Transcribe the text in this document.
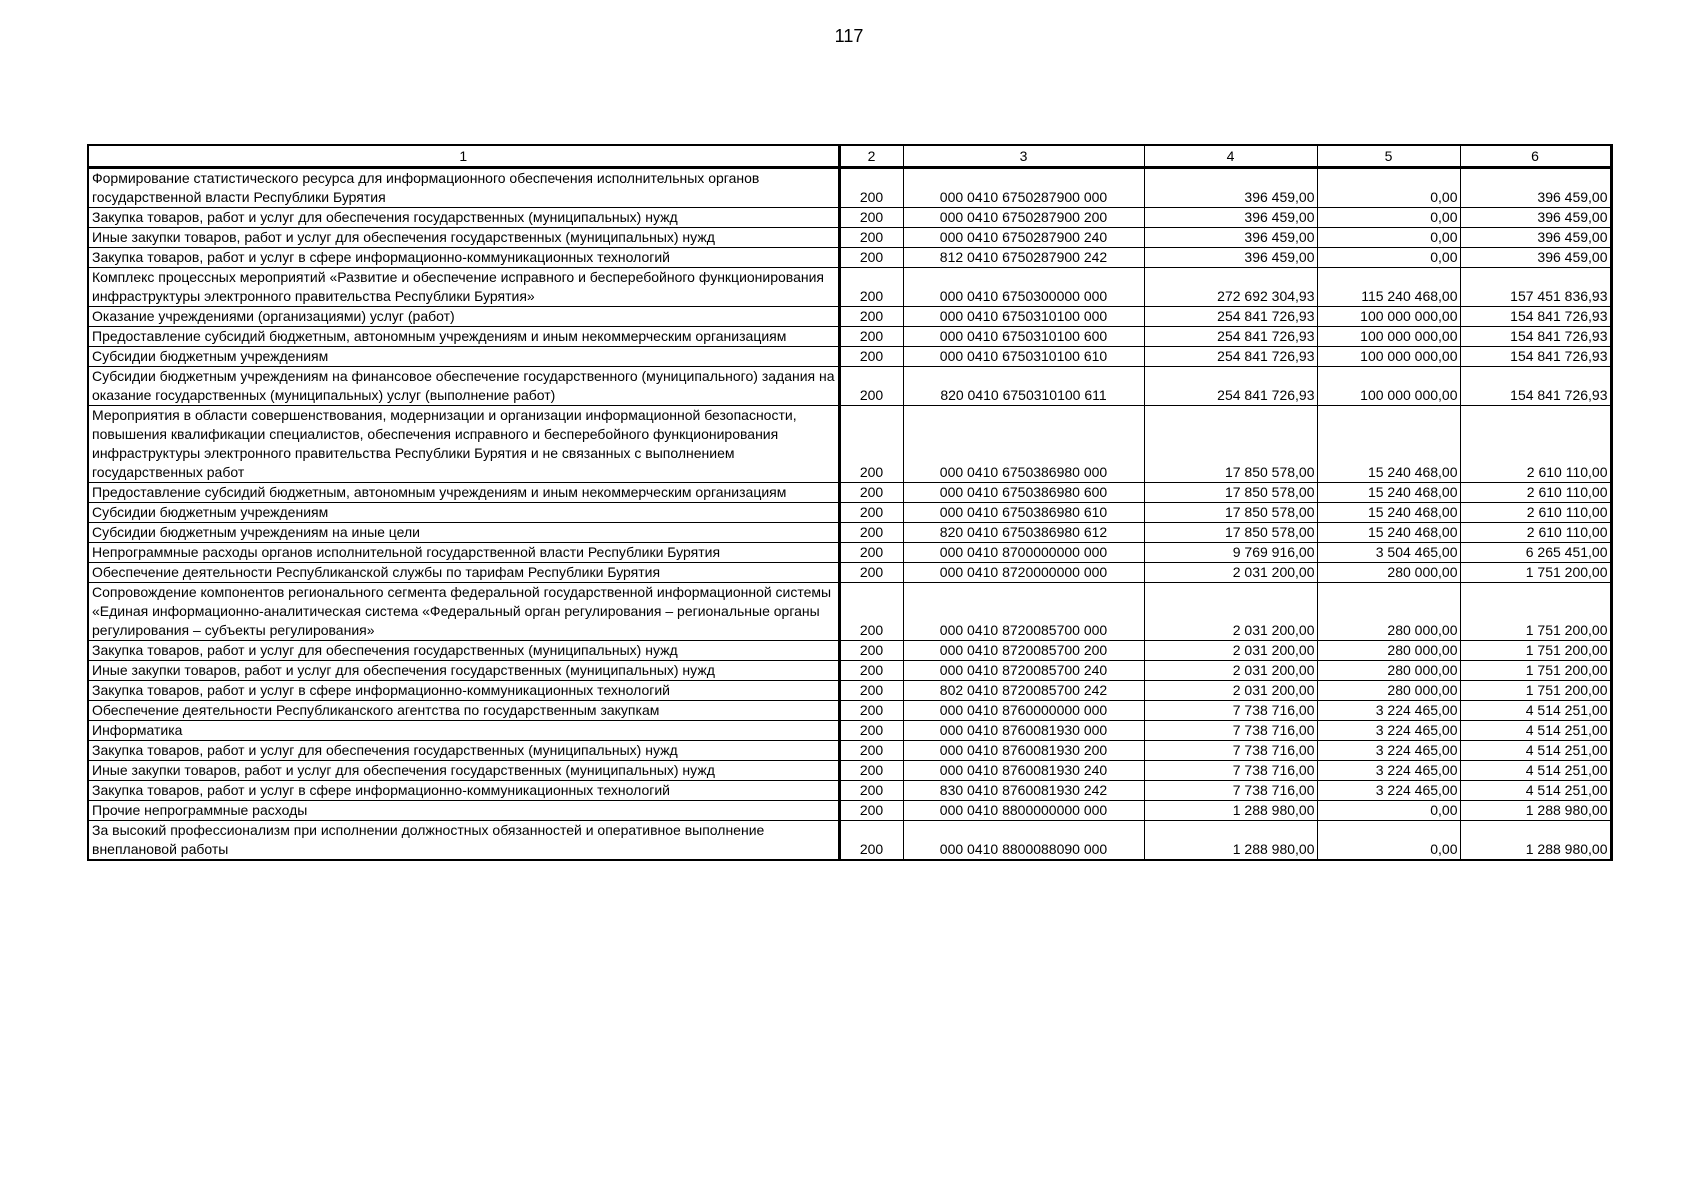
117
1	2	3	4	5	6
Формирование статистического ресурса для информационного обеспечения исполнительных органов государственной власти Республики Бурятия	200	000 0410 6750287900 000	396 459,00	0,00	396 459,00
Закупка товаров, работ и услуг для обеспечения государственных (муниципальных) нужд	200	000 0410 6750287900 200	396 459,00	0,00	396 459,00
Иные закупки товаров, работ и услуг для обеспечения государственных (муниципальных) нужд	200	000 0410 6750287900 240	396 459,00	0,00	396 459,00
Закупка товаров, работ и услуг в сфере информационно-коммуникационных технологий	200	812 0410 6750287900 242	396 459,00	0,00	396 459,00
Комплекс процессных мероприятий «Развитие и обеспечение исправного и бесперебойного функционирования инфраструктуры электронного правительства Республики Бурятия»	200	000 0410 6750300000 000	272 692 304,93	115 240 468,00	157 451 836,93
Оказание учреждениями (организациями) услуг (работ)	200	000 0410 6750310100 000	254 841 726,93	100 000 000,00	154 841 726,93
Предоставление субсидий бюджетным, автономным учреждениям и иным некоммерческим организациям	200	000 0410 6750310100 600	254 841 726,93	100 000 000,00	154 841 726,93
Субсидии бюджетным учреждениям	200	000 0410 6750310100 610	254 841 726,93	100 000 000,00	154 841 726,93
Субсидии бюджетным учреждениям на финансовое обеспечение государственного (муниципального) задания на оказание государственных (муниципальных) услуг (выполнение работ)	200	820 0410 6750310100 611	254 841 726,93	100 000 000,00	154 841 726,93
Мероприятия в области совершенствования, модернизации и организации информационной безопасности, повышения квалификации специалистов, обеспечения исправного и бесперебойного функционирования инфраструктуры электронного правительства Республики Бурятия и не связанных с выполнением государственных работ	200	000 0410 6750386980 000	17 850 578,00	15 240 468,00	2 610 110,00
Предоставление субсидий бюджетным, автономным учреждениям и иным некоммерческим организациям	200	000 0410 6750386980 600	17 850 578,00	15 240 468,00	2 610 110,00
Субсидии бюджетным учреждениям	200	000 0410 6750386980 610	17 850 578,00	15 240 468,00	2 610 110,00
Субсидии бюджетным учреждениям на иные цели	200	820 0410 6750386980 612	17 850 578,00	15 240 468,00	2 610 110,00
Непрограммные расходы органов исполнительной государственной власти Республики Бурятия	200	000 0410 8700000000 000	9 769 916,00	3 504 465,00	6 265 451,00
Обеспечение деятельности Республиканской службы по тарифам Республики Бурятия	200	000 0410 8720000000 000	2 031 200,00	280 000,00	1 751 200,00
Сопровождение компонентов регионального сегмента федеральной государственной информационной системы «Единая информационно-аналитическая система «Федеральный орган регулирования – региональные органы регулирования – субъекты регулирования»	200	000 0410 8720085700 000	2 031 200,00	280 000,00	1 751 200,00
Закупка товаров, работ и услуг для обеспечения государственных (муниципальных) нужд	200	000 0410 8720085700 200	2 031 200,00	280 000,00	1 751 200,00
Иные закупки товаров, работ и услуг для обеспечения государственных (муниципальных) нужд	200	000 0410 8720085700 240	2 031 200,00	280 000,00	1 751 200,00
Закупка товаров, работ и услуг в сфере информационно-коммуникационных технологий	200	802 0410 8720085700 242	2 031 200,00	280 000,00	1 751 200,00
Обеспечение деятельности Республиканского агентства по государственным закупкам	200	000 0410 8760000000 000	7 738 716,00	3 224 465,00	4 514 251,00
Информатика	200	000 0410 8760081930 000	7 738 716,00	3 224 465,00	4 514 251,00
Закупка товаров, работ и услуг для обеспечения государственных (муниципальных) нужд	200	000 0410 8760081930 200	7 738 716,00	3 224 465,00	4 514 251,00
Иные закупки товаров, работ и услуг для обеспечения государственных (муниципальных) нужд	200	000 0410 8760081930 240	7 738 716,00	3 224 465,00	4 514 251,00
Закупка товаров, работ и услуг в сфере информационно-коммуникационных технологий	200	830 0410 8760081930 242	7 738 716,00	3 224 465,00	4 514 251,00
Прочие непрограммные расходы	200	000 0410 8800000000 000	1 288 980,00	0,00	1 288 980,00
За высокий профессионализм при исполнении должностных обязанностей и оперативное выполнение внеплановой работы	200	000 0410 8800088090 000	1 288 980,00	0,00	1 288 980,00
